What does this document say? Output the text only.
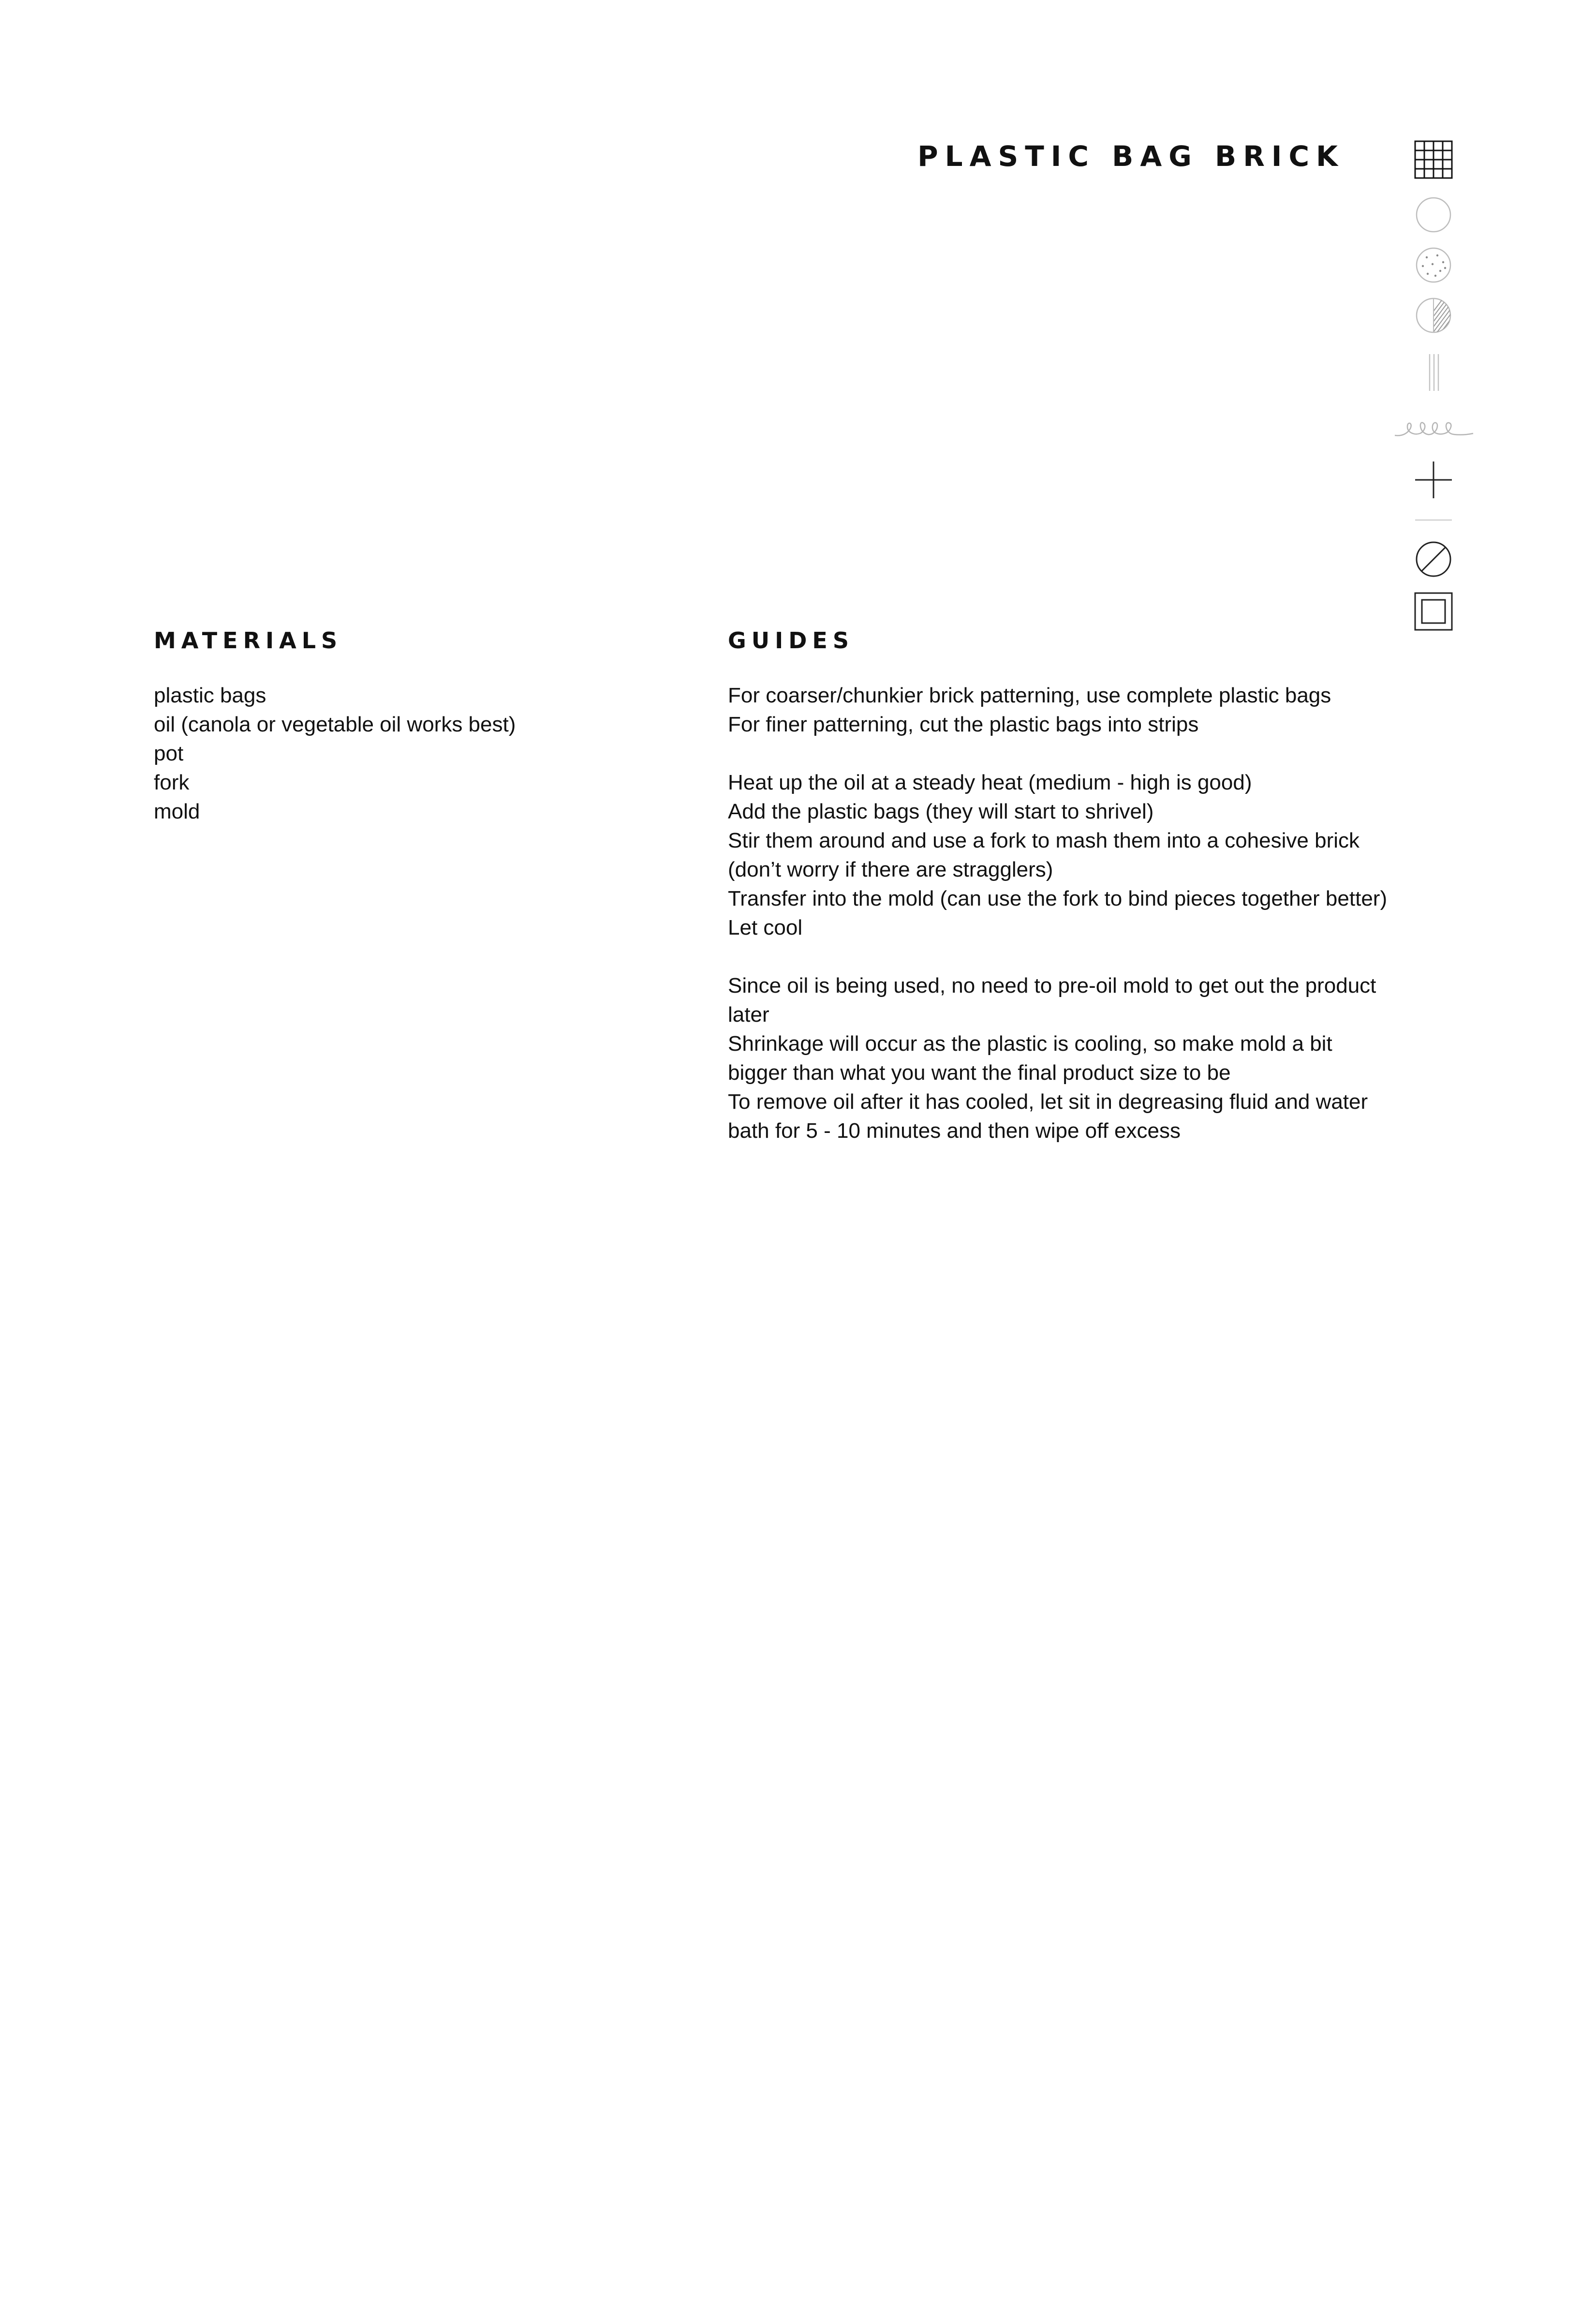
PLASTIC BAG BRICK
MATERIALS
plastic bags
oil (canola or vegetable oil works best)
pot
fork
mold
GUIDES
For coarser/chunkier brick patterning, use complete plastic bags
For finer patterning, cut the plastic bags into strips
Heat up the oil at a steady heat (medium - high is good)
Add the plastic bags (they will start to shrivel)
Stir them around and use a fork to mash them into a cohesive brick (don’t worry if there are stragglers)
Transfer into the mold (can use the fork to bind pieces together better)
Let cool
Since oil is being used, no need to pre-oil mold to get out the product later
Shrinkage will occur as the plastic is cooling, so make mold a bit bigger than what you want the final product size to be
To remove oil after it has cooled, let sit in degreasing fluid and water bath for 5 - 10 minutes and then wipe off excess
